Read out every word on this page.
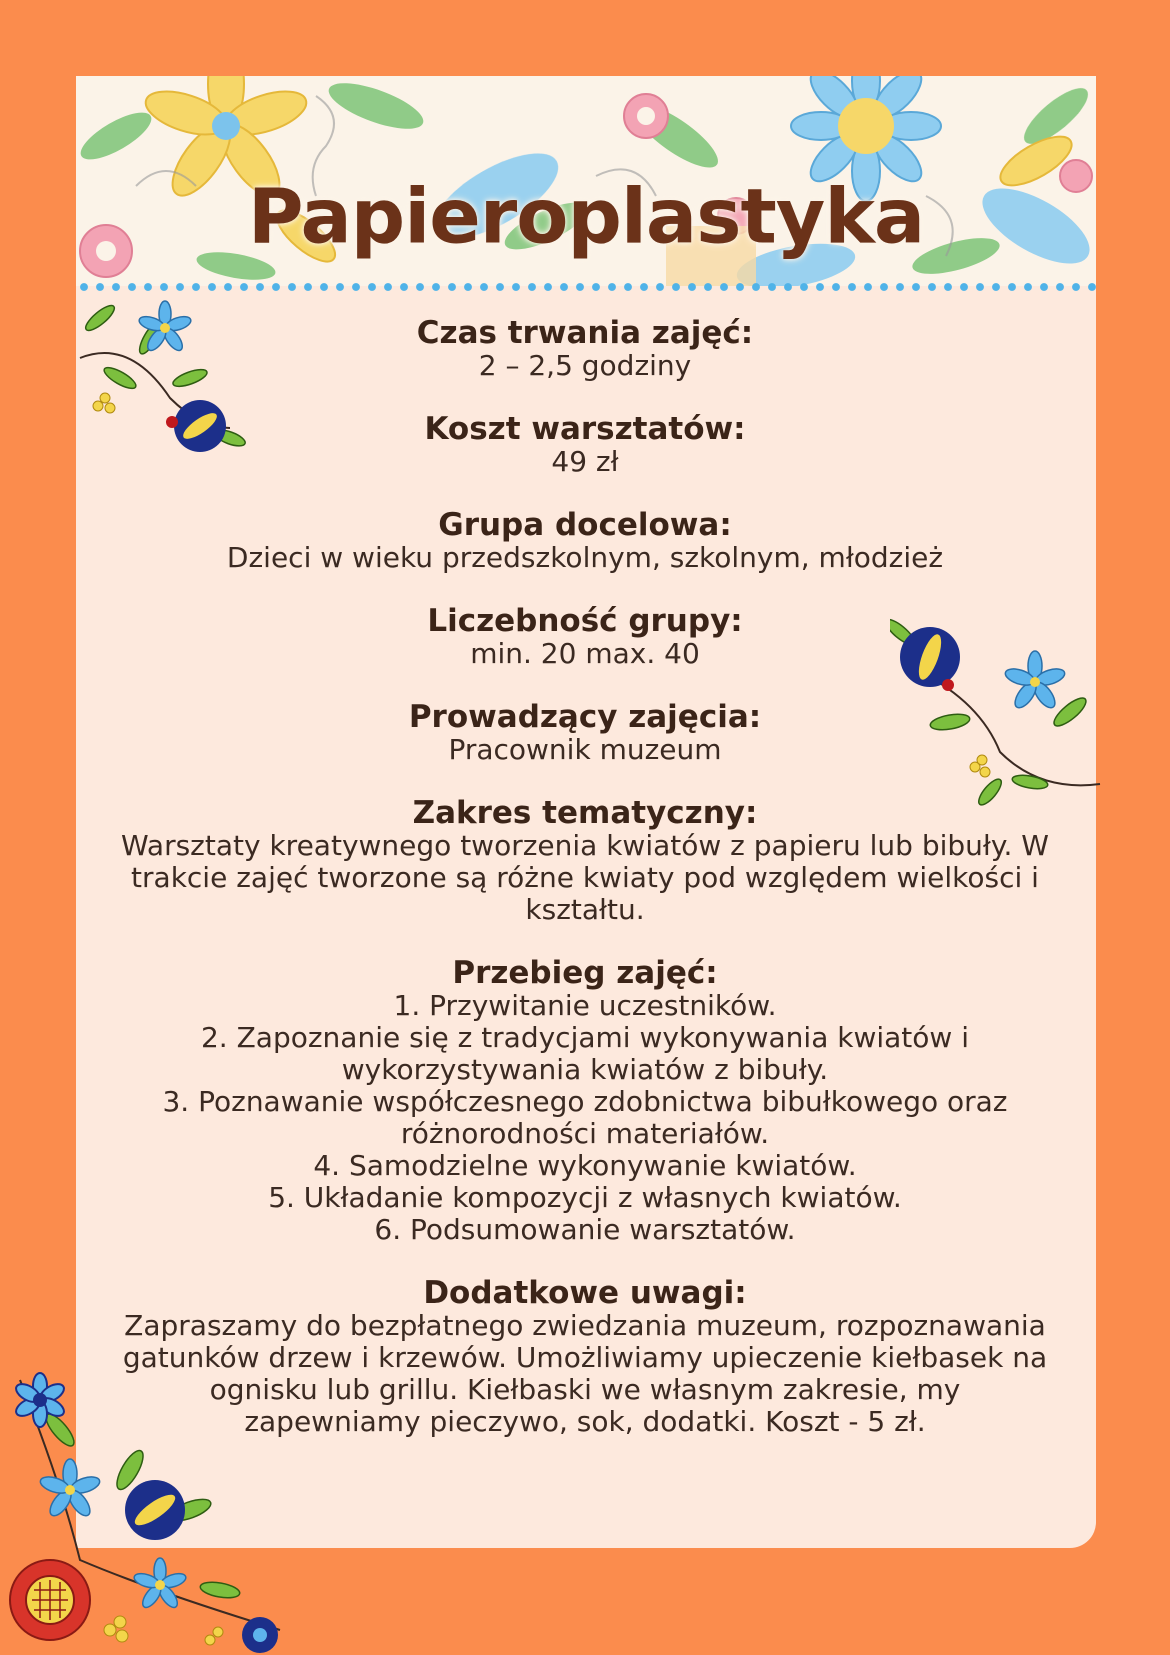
Papieroplastyka
Czas trwania zajęć:
2 – 2,5 godziny
Koszt warsztatów:
49 zł
Grupa docelowa:
Dzieci w wieku przedszkolnym, szkolnym, młodzież
Liczebność grupy:
min. 20 max. 40
Prowadzący zajęcia:
Pracownik muzeum
Zakres tematyczny:
Warsztaty kreatywnego tworzenia kwiatów z papieru lub bibuły. W trakcie zajęć tworzone są różne kwiaty pod względem wielkości i kształtu.
Przebieg zajęć:
1. Przywitanie uczestników.
2. Zapoznanie się z tradycjami wykonywania kwiatów i wykorzystywania kwiatów z bibuły.
3. Poznawanie współczesnego zdobnictwa bibułkowego oraz różnorodności materiałów.
4. Samodzielne wykonywanie kwiatów.
5. Układanie kompozycji z własnych kwiatów.
6. Podsumowanie warsztatów.
Dodatkowe uwagi:
Zapraszamy do bezpłatnego zwiedzania muzeum, rozpoznawania gatunków drzew i krzewów. Umożliwiamy upieczenie kiełbasek na ognisku lub grillu. Kiełbaski we własnym zakresie, my zapewniamy pieczywo, sok, dodatki. Koszt - 5 zł.
